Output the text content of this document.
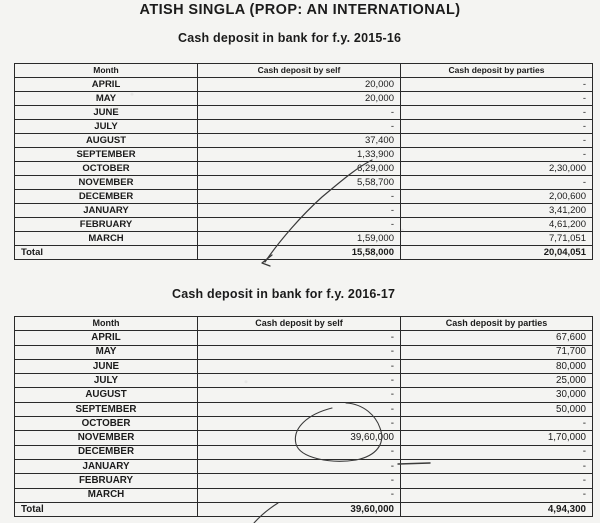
ATISH SINGLA (PROP: AN INTERNATIONAL)
Cash deposit in bank for f.y. 2015-16
Month	Cash deposit by self	Cash deposit by parties
APRIL	20,000	-
MAY	20,000	-
JUNE	-	-
JULY	-	-
AUGUST	37,400	-
SEPTEMBER	1,33,900	-
OCTOBER	6,29,000	2,30,000
NOVEMBER	5,58,700	-
DECEMBER	-	2,00,600
JANUARY	-	3,41,200
FEBRUARY	-	4,61,200
MARCH	1,59,000	7,71,051
Total	15,58,000	20,04,051
Cash deposit in bank for f.y. 2016-17
Month	Cash deposit by self	Cash deposit by parties
APRIL	-	67,600
MAY	-	71,700
JUNE	-	80,000
JULY	-	25,000
AUGUST	-	30,000
SEPTEMBER	-	50,000
OCTOBER	-	-
NOVEMBER	39,60,000	1,70,000
DECEMBER	-	-
JANUARY	-	-
FEBRUARY	-	-
MARCH	-	-
Total	39,60,000	4,94,300
